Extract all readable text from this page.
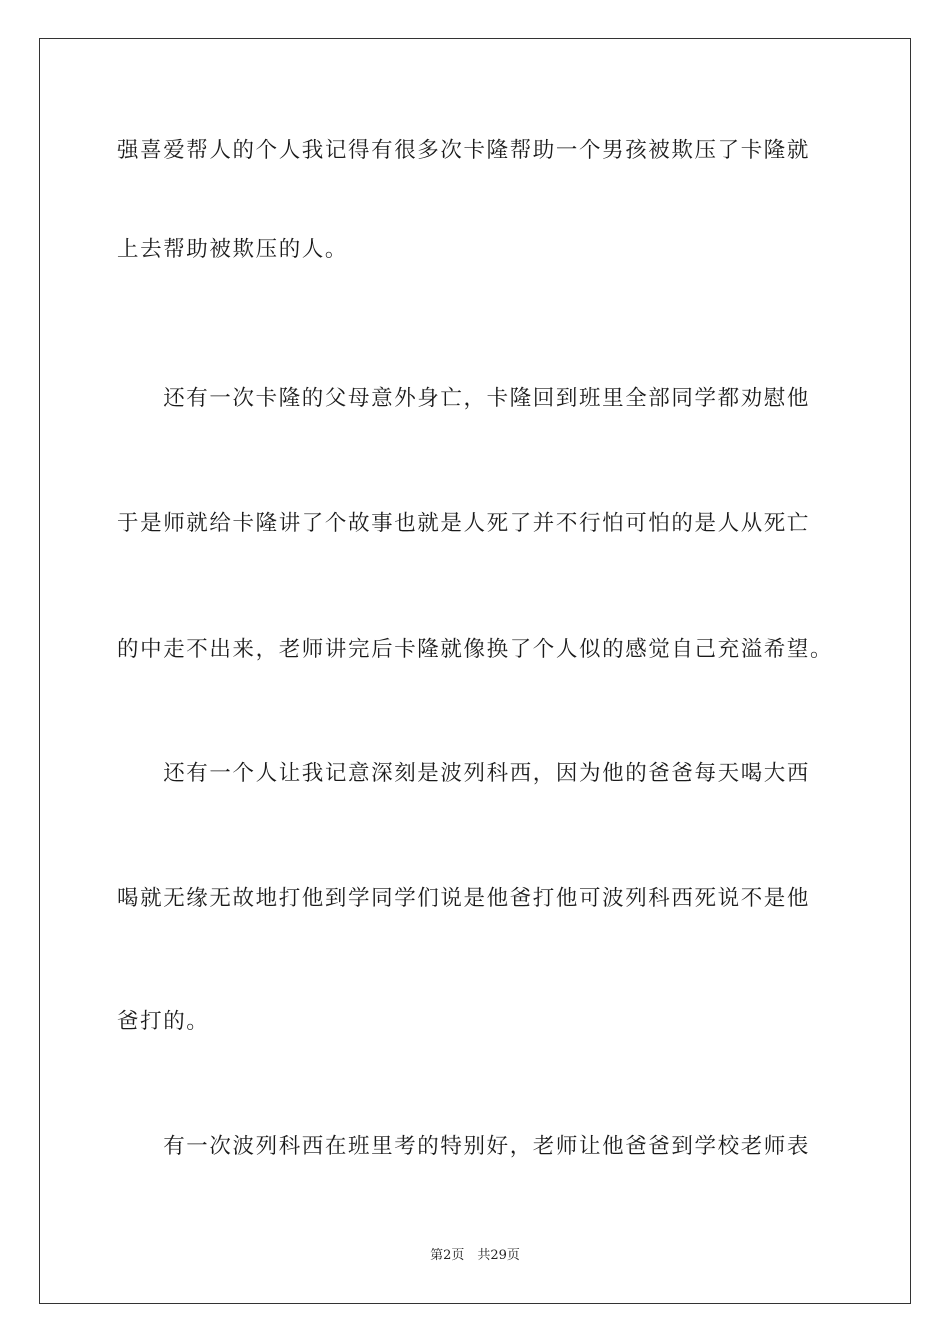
强喜爱帮人的个人我记得有很多次卡隆帮助一个男孩被欺压了卡隆就
上去帮助被欺压的人。
　　还有一次卡隆的父母意外身亡，卡隆回到班里全部同学都劝慰他
于是师就给卡隆讲了个故事也就是人死了并不行怕可怕的是人从死亡
的中走不出来，老师讲完后卡隆就像换了个人似的感觉自己充溢希望。
　　还有一个人让我记意深刻是波列科西，因为他的爸爸每天喝大西
喝就无缘无故地打他到学同学们说是他爸打他可波列科西死说不是他
爸打的。
　　有一次波列科西在班里考的特别好，老师让他爸爸到学校老师表
第2页　共29页
